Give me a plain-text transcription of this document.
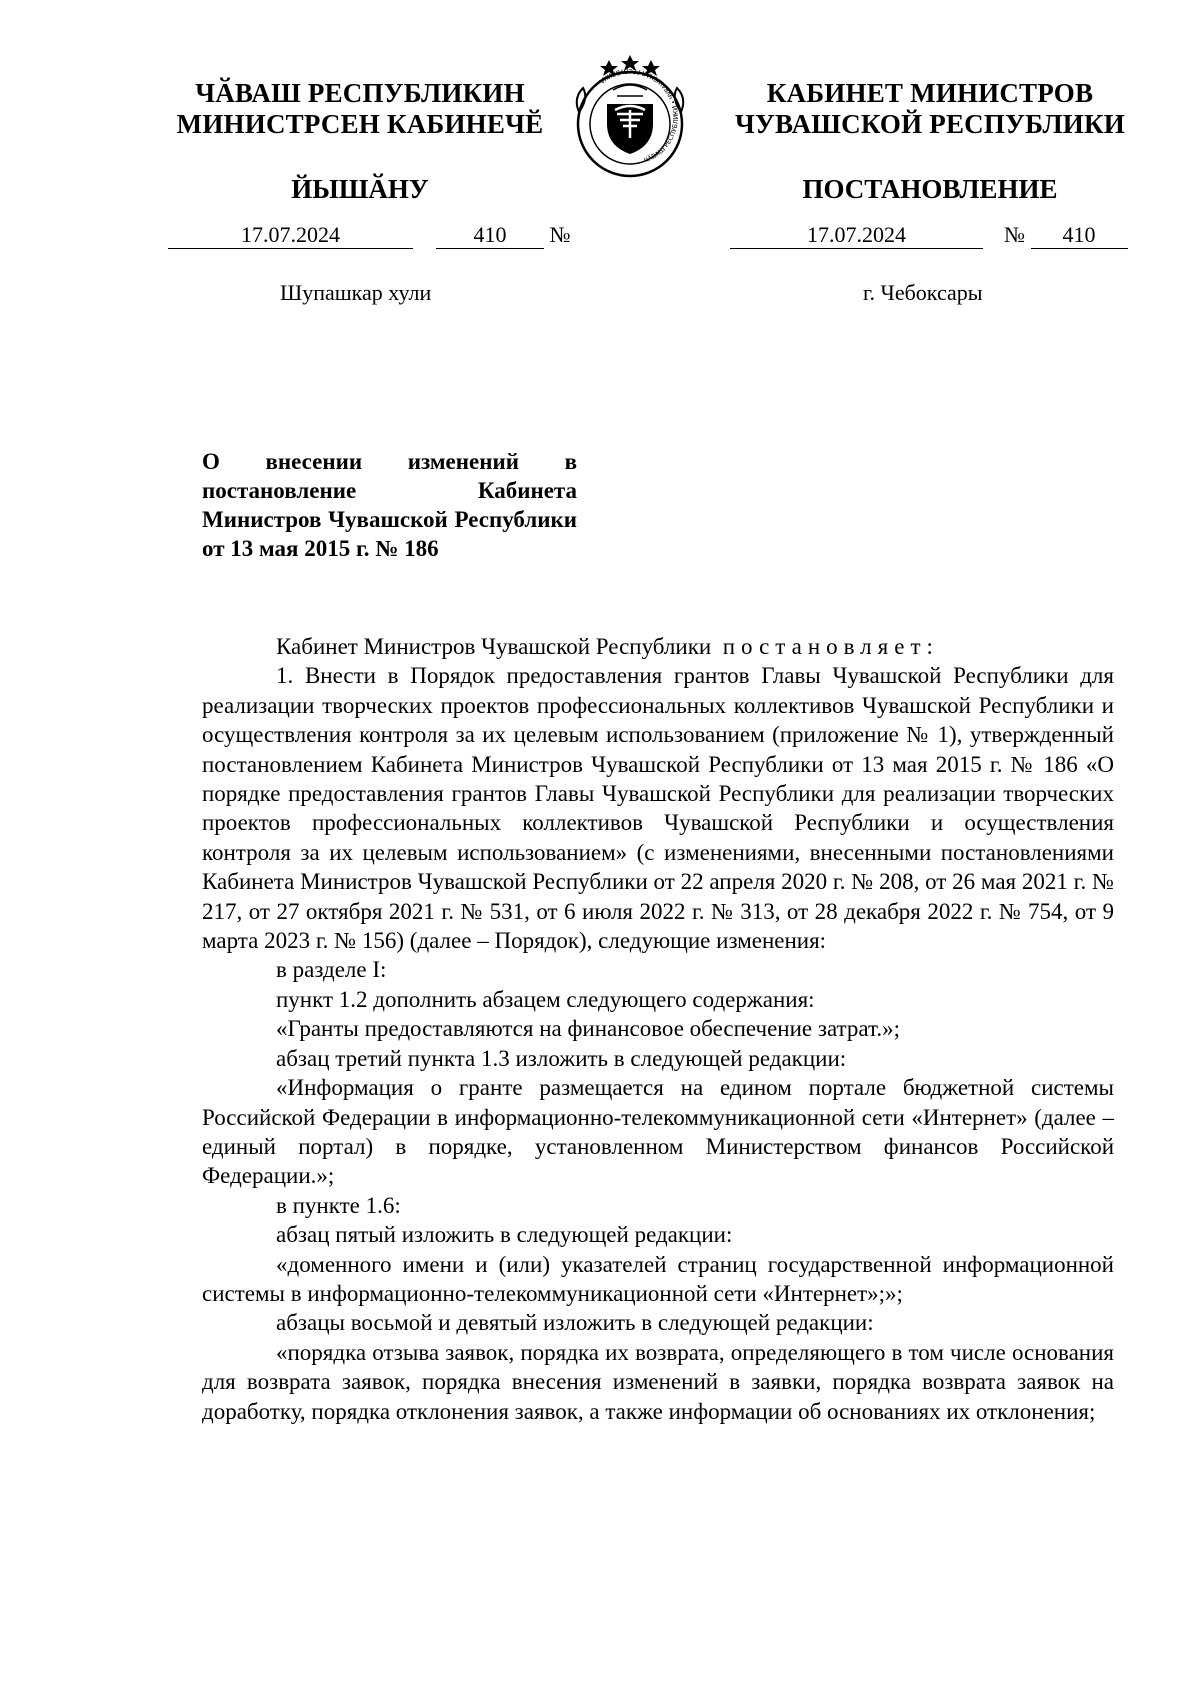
ЧӐВАШ РЕСПУБЛИКИН
МИНИСТРСЕН КАБИНЕЧӖ
ЙЫШӐНУ
ЧӐВАШ РЕСПУБЛИКИ • ЧУВАШСКАЯ РЕСПУБЛИКА	КАБИНЕТ МИНИСТРОВ
ЧУВАШСКОЙ РЕСПУБЛИКИ
ПОСТАНОВЛЕНИЕ
17.07.2024	410 №
Шупашкар хули
17.07.2024	№ 410
г. Чебоксары
О внесении изменений в постановление Кабинета Министров Чувашской Республики от 13 мая 2015 г. № 186

Кабинет Министров Чувашской Республики постановляет:

1. Внести в Порядок предоставления грантов Главы Чувашской Республики для реализации творческих проектов профессиональных коллективов Чувашской Республики и осуществления контроля за их целевым использованием (приложение № 1), утвержденный постановлением Кабинета Министров Чувашской Республики от 13 мая 2015 г. № 186 «О порядке предоставления грантов Главы Чувашской Республики для реализации творческих проектов профессиональных коллективов Чувашской Республики и осуществления контроля за их целевым использованием» (с изменениями, внесенными постановлениями Кабинета Министров Чувашской Республики от 22 апреля 2020 г. № 208, от 26 мая 2021 г. № 217, от 27 октября 2021 г. № 531, от 6 июля 2022 г. № 313, от 28 декабря 2022 г. № 754, от 9 марта 2023 г. № 156) (далее – Порядок), следующие изменения:

в разделе I:

пункт 1.2 дополнить абзацем следующего содержания:

«Гранты предоставляются на финансовое обеспечение затрат.»;

абзац третий пункта 1.3 изложить в следующей редакции:

«Информация о гранте размещается на едином портале бюджетной системы Российской Федерации в информационно-телекоммуникационной сети «Интернет» (далее – единый портал) в порядке, установленном Министерством финансов Российской Федерации.»;

в пункте 1.6:

абзац пятый изложить в следующей редакции:

«доменного имени и (или) указателей страниц государственной информационной системы в информационно-телекоммуникационной сети «Интернет»;»;

абзацы восьмой и девятый изложить в следующей редакции:

«порядка отзыва заявок, порядка их возврата, определяющего в том числе основания для возврата заявок, порядка внесения изменений в заявки, порядка возврата заявок на доработку, порядка отклонения заявок, а также информации об основаниях их отклонения;
